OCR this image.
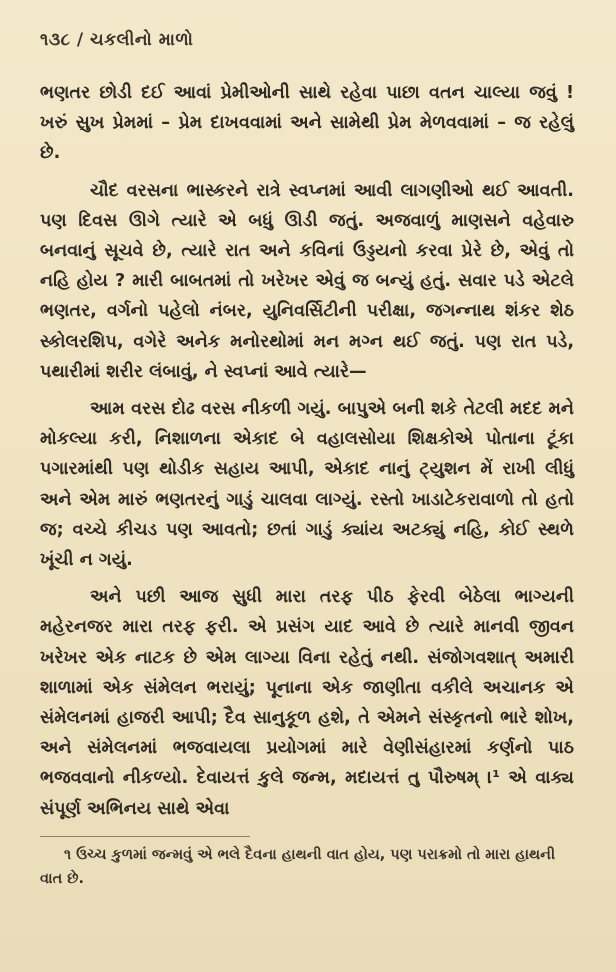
૧૩૮ / ચકલીનો માળો

ભણતર છોડી દઈ આવાં પ્રેમીઓની સાથે રહેવા પાછા વતન ચાલ્યા જવું ! ખરું સુખ પ્રેમમાં – પ્રેમ દાખવવામાં અને સામેથી પ્રેમ મેળવવામાં – જ રહેલું છે.

ચૌદ વરસના ભાસ્કરને રાત્રે સ્વપ્નમાં આવી લાગણીઓ થઈ આવતી. પણ દિવસ ઊગે ત્યારે એ બધું ઊડી જતું. અજવાળું માણસને વહેવારુ બનવાનું સૂચવે છે, ત્યારે રાત અને કવિનાં ઉડ્ડયનો કરવા પ્રેરે છે, એવું તો નહિ હોય ? મારી બાબતમાં તો ખરેખર એવું જ બન્યું હતું. સવાર પડે એટલે ભણતર, વર્ગનો પહેલો નંબર, યુનિવર્સિટીની પરીક્ષા, જગન્નાથ શંકર શેઠ સ્કોલરશિપ, વગેરે અનેક મનોરથોમાં મન મગ્ન થઈ જતું. પણ રાત પડે, પથારીમાં શરીર લંબાવું, ને સ્વપ્નાં આવે ત્યારે—

આમ વરસ દોઢ વરસ નીકળી ગયું. બાપુએ બની શકે તેટલી મદદ મને મોકલ્યા કરી, નિશાળના એકાદ બે વહાલસોયા શિક્ષકોએ પોતાના ટૂંકા પગારમાંથી પણ થોડીક સહાય આપી, એકાદ નાનું ટ્યુશન મેં રાખી લીધું અને એમ મારું ભણતરનું ગાડું ચાલવા લાગ્યું. રસ્તો ખાડાટેકરાવાળો તો હતો જ; વચ્ચે કીચડ પણ આવતો; છતાં ગાડું ક્યાંય અટક્યું નહિ, કોઈ સ્થળે ખૂંચી ન ગયું.

અને પછી આજ સુધી મારા તરફ પીઠ ફેરવી બેઠેલા ભાગ્યની મહેરનજર મારા તરફ ફરી. એ પ્રસંગ યાદ આવે છે ત્યારે માનવી જીવન ખરેખર એક નાટક છે એમ લાગ્યા વિના રહેતું નથી. સંજોગવશાત્ અમારી શાળામાં એક સંમેલન ભરાયું; પૂનાના એક જાણીતા વકીલે અચાનક એ સંમેલનમાં હાજરી આપી; દૈવ સાનુકૂળ હશે, તે એમને સંસ્કૃતનો ભારે શોખ, અને સંમેલનમાં ભજવાયલા પ્રયોગમાં મારે વેણીસંહારમાં કર્ણનો પાઠ ભજવવાનો નીકળ્યો. દેવાયત્તં કુલે જન્મ, મદાયત્તં તુ પૌરુષમ્ ।¹ એ વાક્ય સંપૂર્ણ અભિનય સાથે એવા

૧ ઉચ્ચ કુળમાં જન્મવું એ ભલે દૈવના હાથની વાત હોય, પણ પરાક્રમો તો મારા હાથની વાત છે.
